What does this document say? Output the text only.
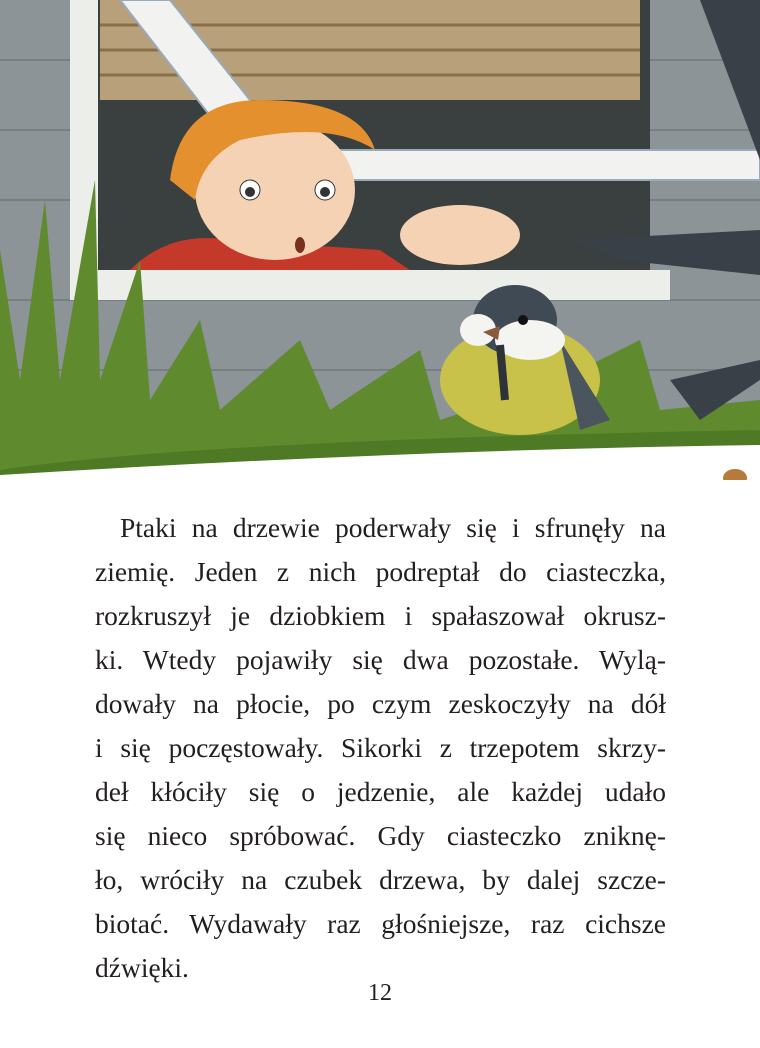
Ptaki na drzewie poderwały się i sfrunęły na
ziemię. Jeden z nich podreptał do ciasteczka,
rozkruszył je dziobkiem i spałaszował okrusz-
ki. Wtedy pojawiły się dwa pozostałe. Wylą-
dowały na płocie, po czym zeskoczyły na dół
i się poczęstowały. Sikorki z trzepotem skrzy-
deł kłóciły się o jedzenie, ale każdej udało
się nieco spróbować. Gdy ciasteczko zniknę-
ło, wróciły na czubek drzewa, by dalej szcze-
biotać. Wydawały raz głośniejsze, raz cichsze
dźwięki.
12
